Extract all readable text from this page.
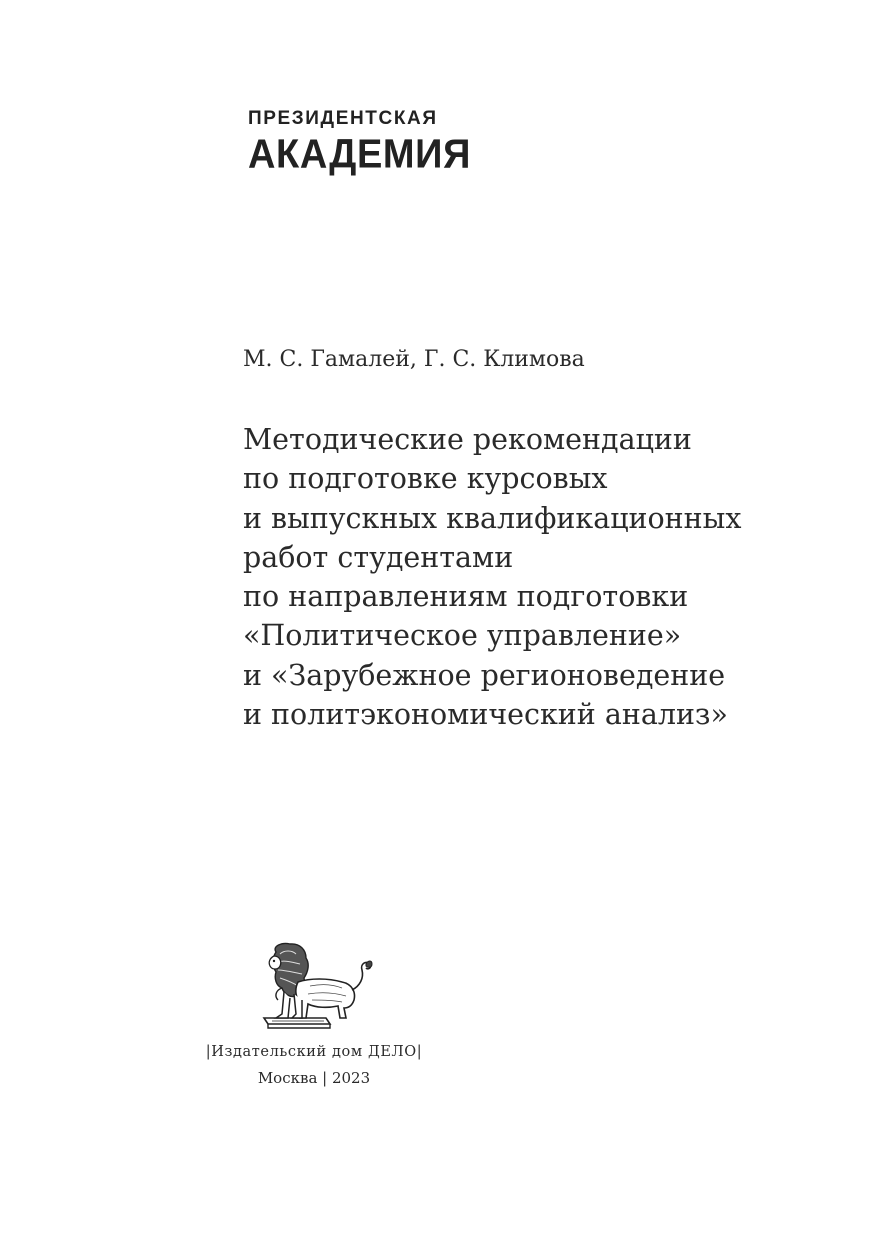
ПРЕЗИДЕНТСКАЯ
АКАДЕМИЯ
М. С. Гамалей, Г. С. Климова
Методические рекомендации
по подготовке курсовых
и выпускных квалификационных
работ студентами
по направлениям подготовки
«Политическое управление»
и «Зарубежное регионоведение
и политэкономический анализ»
|Издательский дом ДЕЛО|
Москва | 2023
